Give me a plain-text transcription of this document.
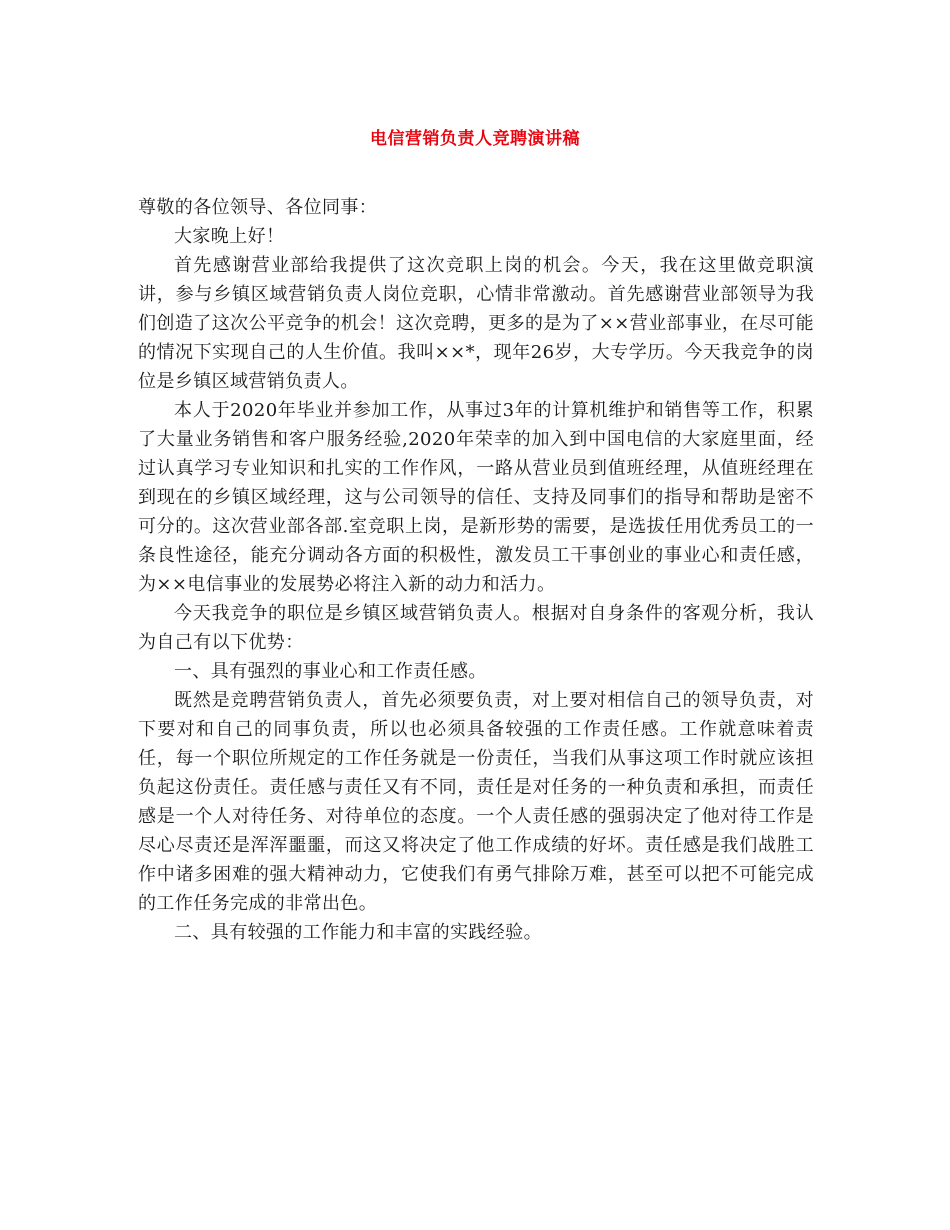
电信营销负责人竞聘演讲稿

尊敬的各位领导、各位同事：

大家晚上好！

首先感谢营业部给我提供了这次竞职上岗的机会。今天，我在这里做竞职演讲，参与乡镇区域营销负责人岗位竞职，心情非常激动。首先感谢营业部领导为我们创造了这次公平竞争的机会！这次竞聘，更多的是为了××营业部事业，在尽可能的情况下实现自己的人生价值。我叫××*，现年26岁，大专学历。今天我竞争的岗位是乡镇区域营销负责人。

本人于2020年毕业并参加工作，从事过3年的计算机维护和销售等工作，积累了大量业务销售和客户服务经验,2020年荣幸的加入到中国电信的大家庭里面，经过认真学习专业知识和扎实的工作作风，一路从营业员到值班经理，从值班经理在到现在的乡镇区域经理，这与公司领导的信任、支持及同事们的指导和帮助是密不可分的。这次营业部各部.室竞职上岗，是新形势的需要，是选拔任用优秀员工的一条良性途径，能充分调动各方面的积极性，激发员工干事创业的事业心和责任感，为××电信事业的发展势必将注入新的动力和活力。

今天我竞争的职位是乡镇区域营销负责人。根据对自身条件的客观分析，我认为自己有以下优势：

一、具有强烈的事业心和工作责任感。

既然是竞聘营销负责人，首先必须要负责，对上要对相信自己的领导负责，对下要对和自己的同事负责，所以也必须具备较强的工作责任感。工作就意味着责任，每一个职位所规定的工作任务就是一份责任，当我们从事这项工作时就应该担负起这份责任。责任感与责任又有不同，责任是对任务的一种负责和承担，而责任感是一个人对待任务、对待单位的态度。一个人责任感的强弱决定了他对待工作是尽心尽责还是浑浑噩噩，而这又将决定了他工作成绩的好坏。责任感是我们战胜工作中诸多困难的强大精神动力，它使我们有勇气排除万难，甚至可以把不可能完成的工作任务完成的非常出色。

二、具有较强的工作能力和丰富的实践经验。
